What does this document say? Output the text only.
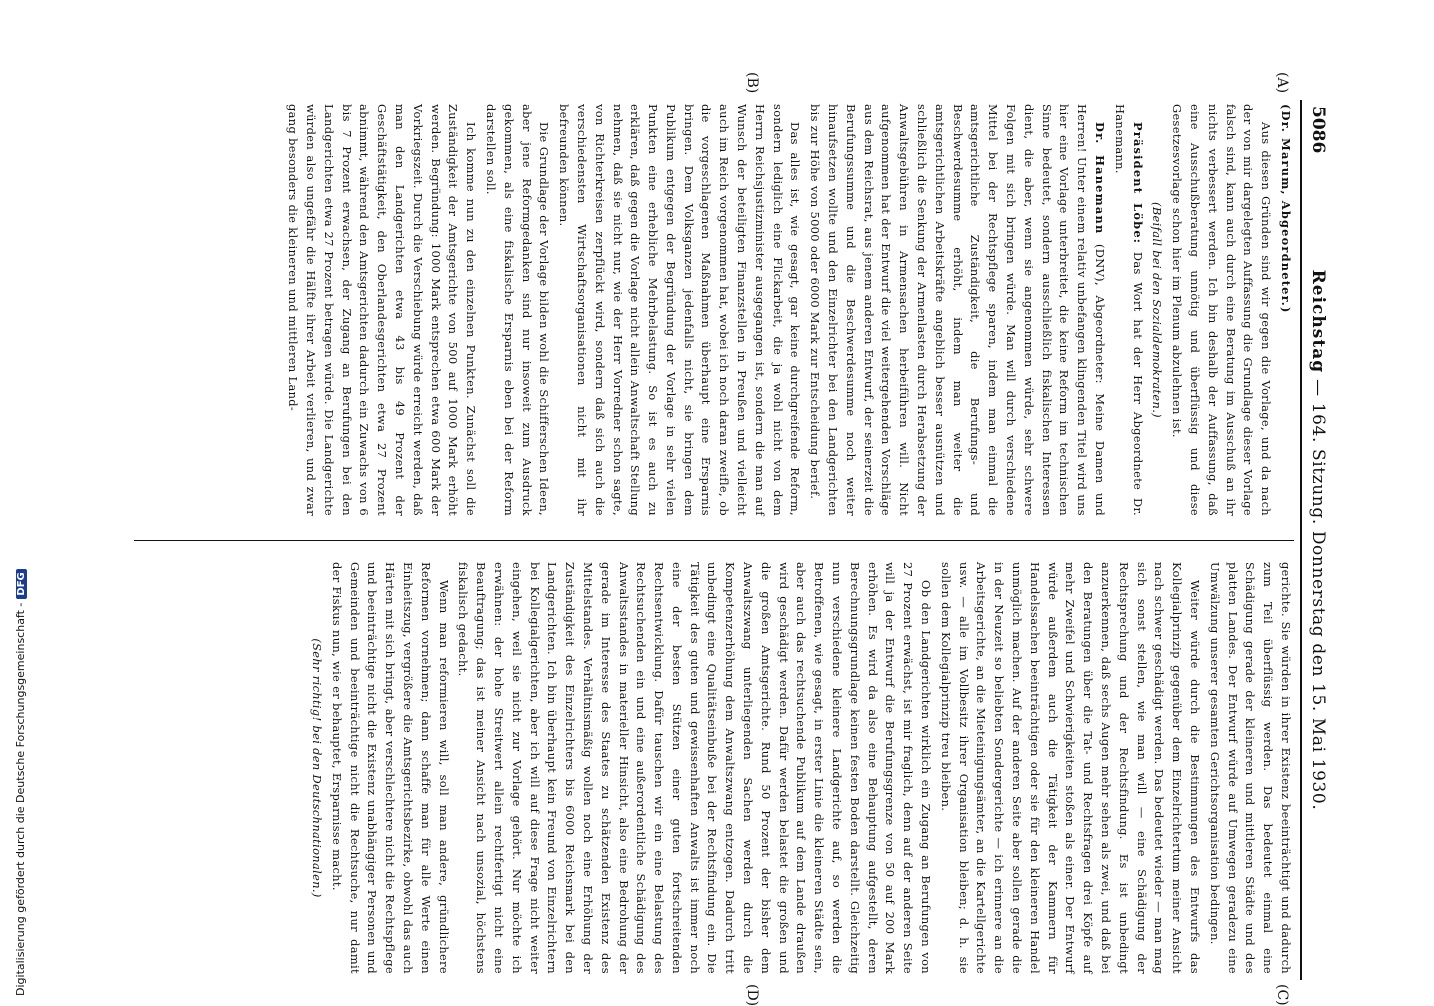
5086
Reichstag — 164. Sitzung. Donnerstag den 15. Mai 1930.
(A)
(B)
(C)
(D)

(Dr. Marum, Abgeordneter.)

Aus diesen Gründen sind wir gegen die Vorlage, und da nach der von mir dargelegten Auffassung die Grundlage dieser Vorlage falsch sind, kann auch durch eine Beratung im Ausschuß an ihr nichts verbessert werden. Ich bin deshalb der Auffassung, daß eine Ausschußberatung unnötig und überflüssig und diese Gesetzesvorlage schon hier im Plenum abzulehnen ist.

(Beifall bei den Sozialdemokraten.)

Präsident Löbe: Das Wort hat der Herr Abgeordnete Dr. Hanemann.

Dr. Hanemann (DNV), Abgeordneter: Meine Damen und Herren! Unter einem relativ unbefangen klingenden Titel wird uns hier eine Vorlage unterbreitet, die keine Reform im technischen Sinne bedeutet, sondern ausschließlich fiskalischen Interessen dient, die aber, wenn sie angenommen würde, sehr schwere Folgen mit sich bringen würde. Man will durch verschiedene Mittel bei der Rechtspflege sparen, indem man einmal die amtsgerichtliche Zuständigkeit, die Berufungs- und Beschwerdesumme erhöht, indem man weiter die amtsgerichtlichen Arbeitskräfte angeblich besser ausnützen und schließlich die Senkung der Armenlasten durch Herabsetzung der Anwaltsgebühren in Armensachen herbeiführen will. Nicht aufgenommen hat der Entwurf die viel weitergehenden Vorschläge aus dem Reichsrat, aus jenem anderen Entwurf, der seinerzeit die Berufungssumme und die Beschwerdesumme noch weiter hinaufsetzen wollte und den Einzelrichter bei den Landgerichten bis zur Höhe von 5000 oder 6000 Mark zur Entscheidung berief.

Das alles ist, wie gesagt, gar keine durchgreifende Reform, sondern lediglich eine Flickarbeit, die ja wohl nicht von dem Herrn Reichsjustizminister ausgegangen ist, sondern die man auf Wunsch der beteiligten Finanzstellen in Preußen und vielleicht auch im Reich vorgenommen hat, wobei ich noch daran zweifle, ob die vorgeschlagenen Maßnahmen überhaupt eine Ersparnis bringen. Dem Volksganzen jedenfalls nicht, sie bringen dem Publikum entgegen der Begründung der Vorlage in sehr vielen Punkten eine erhebliche Mehrbelastung. So ist es auch zu erklären, daß gegen die Vorlage nicht allein Anwaltschaft Stellung nehmen, daß sie nicht nur, wie der Herr Vorredner schon sagte, von Richterkreisen zerpflückt wird, sondern daß sich auch die verschiedensten Wirtschaftsorganisationen nicht mit ihr befreunden können.

Die Grundlage der Vorlage bilden wohl die Schifferschen Ideen, aber jene Reformgedanken sind nur insoweit zum Ausdruck gekommen, als eine fiskalische Ersparnis eben bei der Reform darstellen soll.

Ich komme nun zu den einzelnen Punkten. Zunächst soll die Zuständigkeit der Amtsgerichte von 500 auf 1000 Mark erhöht werden. Begründung: 1000 Mark entsprechen etwa 600 Mark der Vorkriegszeit. Durch die Verschiebung würde erreicht werden, daß man den Landgerichten etwa 43 bis 49 Prozent der Geschäftstätigkeit, den Oberlandesgerichten etwa 27 Prozent abnimmt, während den Amtsgerichten dadurch ein Zuwachs von 6 bis 7 Prozent erwachsen, der Zugang an Berufungen bei den Landgerichten etwa 27 Prozent betragen würde. Die Landgerichte würden also ungefähr die Hälfte ihrer Arbeit verlieren, und zwar gang besonders die kleineren und mittleren Land-

gerichte. Sie würden in ihrer Existenz beeinträchtigt und dadurch zum Teil überflüssig werden. Das bedeutet einmal eine Schädigung gerade der kleineren und mittleren Städte und des platten Landes. Der Entwurf würde auf Umwegen geradezu eine Umwälzung unserer gesamten Gerichtsorganisation bedingen.

Weiter würde durch die Bestimmungen des Entwurfs das Kollegialprinzip gegenüber dem Einzelrichtertum meiner Ansicht nach schwer geschädigt werden. Das bedeutet wieder — man mag sich sonst stellen, wie man will — eine Schädigung der Rechtsprechung und der Rechtsfindung. Es ist unbedingt anzuerkennen, daß sechs Augen mehr sehen als zwei, und daß bei den Beratungen über die Tat- und Rechtsfragen drei Köpfe auf mehr Zweifel und Schwierigkeiten stoßen als einer. Der Entwurf würde außerdem auch die Tätigkeit der Kammern für Handelssachen beeinträchtigen oder sie für den kleineren Handel unmöglich machen. Auf der anderen Seite aber sollen gerade die in der Neuzeit so beliebten Sondergerichte — ich erinnere an die Arbeitsgerichte, an die Mieteinigungsämter, an die Kartellgerichte usw. — alle im Vollbesitz ihrer Organisation bleiben; d. h. sie sollen dem Kollegialprinzip treu bleiben.

Ob den Landgerichten wirklich ein Zugang an Berufungen von 27 Prozent erwächst, ist mir fraglich, denn auf der anderen Seite will ja der Entwurf die Berufungsgrenze von 50 auf 200 Mark erhöhen. Es wird da also eine Behauptung aufgestellt, deren Berechnungsgrundlage keinen festen Boden darstellt. Gleichzeitig nun verschiedene kleinere Landgerichte auf, so werden die Betroffenen, wie gesagt, in erster Linie die kleineren Städte sein, aber auch das rechtsuchende Publikum auf dem Lande draußen wird geschädigt werden. Dafür werden belastet die großen und die großen Amtsgerichte. Rund 50 Prozent der bisher dem Anwaltszwang unterliegenden Sachen werden durch die Kompetenzerhöhung dem Anwaltszwang entzogen. Dadurch tritt unbedingt eine Qualitätseinbuße bei der Rechtsfindung ein. Die Tätigkeit des guten und gewissenhaften Anwalts ist immer noch eine der besten Stützen einer guten fortschreitenden Rechtsentwicklung. Dafür tauschen wir ein eine Belastung des Rechtsuchenden ein und eine außerordentliche Schädigung des Anwaltsstandes in materieller Hinsicht, also eine Bedrohung der gerade im Interesse des Staates zu schätzenden Existenz des Mittelstandes. Verhältnismäßig wollen noch eine Erhöhung der Zuständigkeit des Einzelrichters bis 6000 Reichsmark bei den Landgerichten. Ich bin überhaupt kein Freund von Einzelrichtern bei Kollegialgerichten, aber ich will auf diese Frage nicht weiter eingehen, weil sie nicht zur Vorlage gehört. Nur möchte ich erwähnen: der hohe Streitwert allein rechtfertigt nicht eine Beauftragung; das ist meiner Ansicht nach unsozial, höchstens fiskalisch gedacht.

Wenn man reformieren will, soll man andere, gründlichere Reformen vornehmen; dann schaffe man für alle Werte einen Einheitszug, vergrößere die Amtsgerichtsbezirke, obwohl das auch Härten mit sich bringt, aber verschlechtere nicht die Rechtspflege und beeinträchtige nicht die Existenz unabhängiger Personen und Gemeinden und beeinträchtige nicht die Rechtsuche, nur damit der Fiskus nun, wie er behauptet, Ersparnisse macht.

(Sehr richtig! bei den Deutschnationalen.)

Digitalisierung gefördert durch die Deutsche Forschungsgemeinschaft -DFG
